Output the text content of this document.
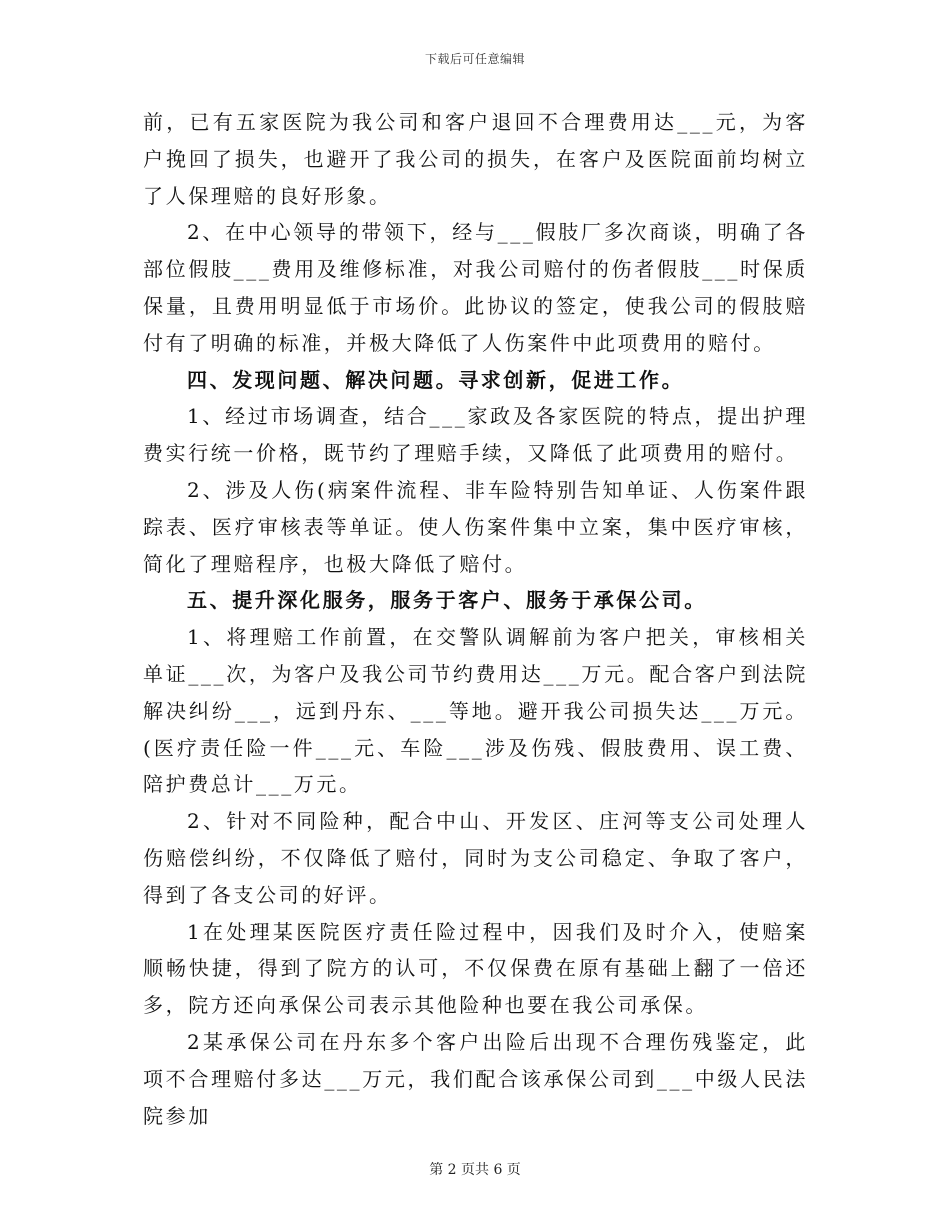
下载后可任意编辑

前，已有五家医院为我公司和客户退回不合理费用达___元，为客户挽回了损失，也避开了我公司的损失，在客户及医院面前均树立了人保理赔的良好形象。

2、在中心领导的带领下，经与___假肢厂多次商谈，明确了各部位假肢___费用及维修标准，对我公司赔付的伤者假肢___时保质保量，且费用明显低于市场价。此协议的签定，使我公司的假肢赔付有了明确的标准，并极大降低了人伤案件中此项费用的赔付。

四、发现问题、解决问题。寻求创新，促进工作。

1、经过市场调查，结合___家政及各家医院的特点，提出护理费实行统一价格，既节约了理赔手续，又降低了此项费用的赔付。

2、涉及人伤(病案件流程、非车险特别告知单证、人伤案件跟踪表、医疗审核表等单证。使人伤案件集中立案，集中医疗审核，简化了理赔程序，也极大降低了赔付。

五、提升深化服务，服务于客户、服务于承保公司。

1、将理赔工作前置，在交警队调解前为客户把关，审核相关单证___次，为客户及我公司节约费用达___万元。配合客户到法院解决纠纷___，远到丹东、___等地。避开我公司损失达___万元。(医疗责任险一件___元、车险___涉及伤残、假肢费用、误工费、陪护费总计___万元。

2、针对不同险种，配合中山、开发区、庄河等支公司处理人伤赔偿纠纷，不仅降低了赔付，同时为支公司稳定、争取了客户，得到了各支公司的好评。

1在处理某医院医疗责任险过程中，因我们及时介入，使赔案顺畅快捷，得到了院方的认可，不仅保费在原有基础上翻了一倍还多，院方还向承保公司表示其他险种也要在我公司承保。

2某承保公司在丹东多个客户出险后出现不合理伤残鉴定，此项不合理赔付多达___万元，我们配合该承保公司到___中级人民法院参加

第 2 页共 6 页
